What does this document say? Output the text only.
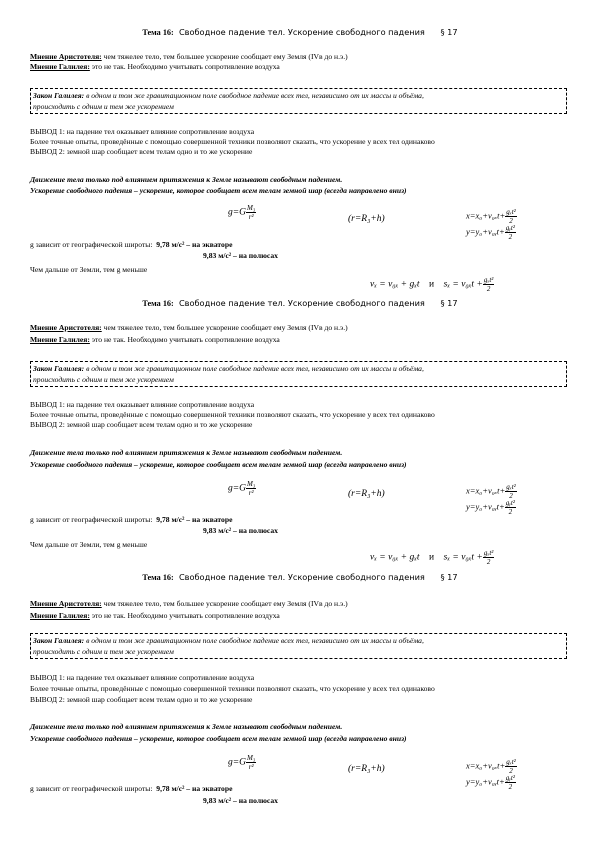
Тема 16: Свободное падение тел. Ускорение свободного падения § 17
Мнение Аристотеля: чем тяжелее тело, тем большее ускорение сообщает ему Земля (IVв до н.э.)
Мнение Галилея: это не так. Необходимо учитывать сопротивление воздуха
Закон Галилея: в одном и том же гравитационном поле свободное падение всех тел, независимо от их массы и объёма,
происходить с одним и тем же ускорением
ВЫВОД 1: на падение тел оказывает влияние сопротивление воздуха
Более точные опыты, проведённые с помощью совершенной техники позволяют сказать, что ускорение у всех тел одинаково
ВЫВОД 2: земной шар сообщает всем телам одно и то же ускорение
Движение тела только под влиянием притяжения к Земле называют свободным падением.
Ускорение свободного падения – ускорение, которое сообщает всем телам земной шар (всегда направлено вниз)
$g=G \frac{\text{M₃}}{\text{r²}}$	(r=R₃+h)	$x=x_0+v_{0x}t+ \frac{\text{gₓt²}}{2}$
y=y₀+v₀ᵧt+ $\frac{\text{gᵧt²}}{2}$
g зависит от географической широты: 9,78 м/с² – на экваторе
9,83 м/с² – на полюсах
Чем дальше от Земли, тем g меньше
vₓ = v₀ₓ + gₓt и $s_x = v_{0x}t + \frac{\text{gₓt²}}{2}$
Тема 16: Свободное падение тел. Ускорение свободного падения § 17
Мнение Аристотеля: чем тяжелее тело, тем большее ускорение сообщает ему Земля (IVв до н.э.)
Мнение Галилея: это не так. Необходимо учитывать сопротивление воздуха
Закон Галилея: в одном и том же гравитационном поле свободное падение всех тел, независимо от их массы и объёма,
происходить с одним и тем же ускорением
ВЫВОД 1: на падение тел оказывает влияние сопротивление воздуха
Более точные опыты, проведённые с помощью совершенной техники позволяют сказать, что ускорение у всех тел одинаково
ВЫВОД 2: земной шар сообщает всем телам одно и то же ускорение
Движение тела только под влиянием притяжения к Земле называют свободным падением.
Ускорение свободного падения – ускорение, которое сообщает всем телам земной шар (всегда направлено вниз)
$g=G \frac{\text{M₃}}{\text{r²}}$	(r=R₃+h)	$x=x_0+v_{0x}t+ \frac{\text{gₓt²}}{2}$
y=y₀+v₀ᵧt+ $\frac{\text{gᵧt²}}{2}$
g зависит от географической широты: 9,78 м/с² – на экваторе
9,83 м/с² – на полюсах
Чем дальше от Земли, тем g меньше
vₓ = v₀ₓ + gₓt и $s_x = v_{0x}t + \frac{\text{gₓt²}}{2}$
Тема 16: Свободное падение тел. Ускорение свободного падения § 17
Мнение Аристотеля: чем тяжелее тело, тем большее ускорение сообщает ему Земля (IVв до н.э.)
Мнение Галилея: это не так. Необходимо учитывать сопротивление воздуха
Закон Галилея: в одном и том же гравитационном поле свободное падение всех тел, независимо от их массы и объёма,
происходить с одним и тем же ускорением
ВЫВОД 1: на падение тел оказывает влияние сопротивление воздуха
Более точные опыты, проведённые с помощью совершенной техники позволяют сказать, что ускорение у всех тел одинаково
ВЫВОД 2: земной шар сообщает всем телам одно и то же ускорение
Движение тела только под влиянием притяжения к Земле называют свободным падением.
Ускорение свободного падения – ускорение, которое сообщает всем телам земной шар (всегда направлено вниз)
$g=G \frac{\text{M₃}}{\text{r²}}$	(r=R₃+h)	$x=x_0+v_{0x}t+ \frac{\text{gₓt²}}{2}$
y=y₀+v₀ᵧt+ $\frac{\text{gᵧt²}}{2}$
g зависит от географической широты: 9,78 м/с² – на экваторе
9,83 м/с² – на полюсах
